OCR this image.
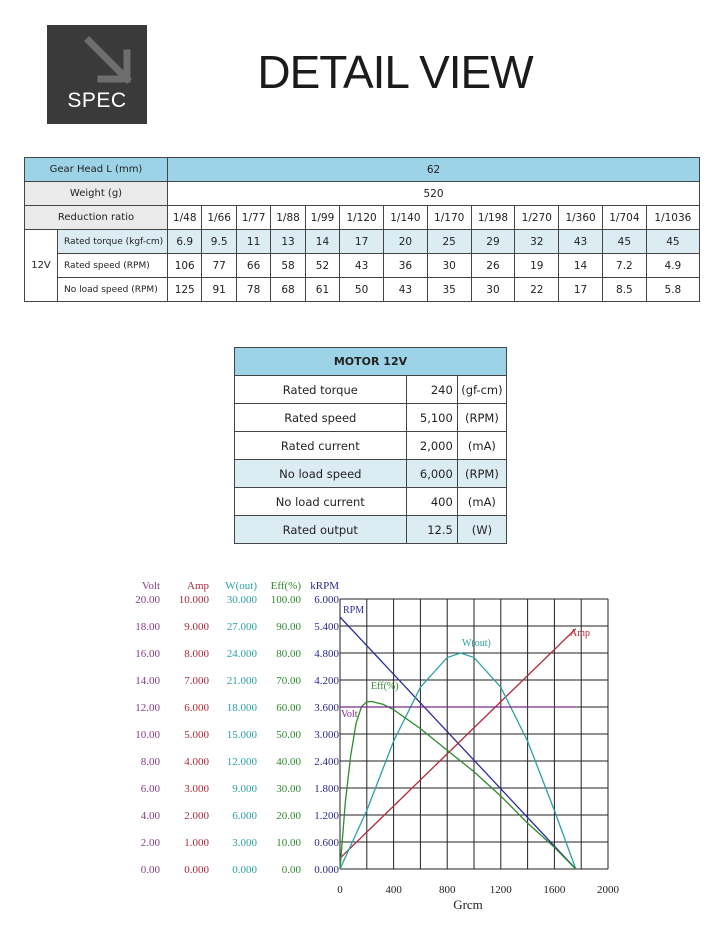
SPEC
DETAIL VIEW
Gear Head L (mm)		62												
Weight (g)		520												
Reduction ratio		1/48	1/66	1/77	1/88	1/99	1/120	1/140	1/170	1/198	1/270	1/360	1/704	1/1036
12V	Rated torque (kgf-cm)	6.9	9.5	11	13	14	17	20	25	29	32	43	45	45
	Rated speed (RPM)	106	77	66	58	52	43	36	30	26	19	14	7.2	4.9
	No load speed (RPM)	125	91	78	68	61	50	43	35	30	22	17	8.5	5.8
MOTOR 12V		
Rated torque	240	(gf-cm)
Rated speed	5,100	(RPM)
Rated current	2,000	(mA)
No load speed	6,000	(RPM)
No load current	400	(mA)
Rated output	12.5	(W)
0.00
2.00
4.00
6.00
8.00
10.00
12.00
14.00
16.00
18.00
20.00
Volt
0.000
1.000
2.000
3.000
4.000
5.000
6.000
7.000
8.000
9.000
10.000
Amp
0.000
3.000
6.000
9.000
12.000
15.000
18.000
21.000
24.000
27.000
30.000
W(out)
0.00
10.00
20.00
30.00
40.00
50.00
60.00
70.00
80.00
90.00
100.00
Eff(%)
0.000
0.600
1.200
1.800
2.400
3.000
3.600
4.200
4.800
5.400
6.000
kRPM
0	400	800	1200	1600	2000
Grcm
RPM
Amp
W(out)
Eff(%)
Volt
